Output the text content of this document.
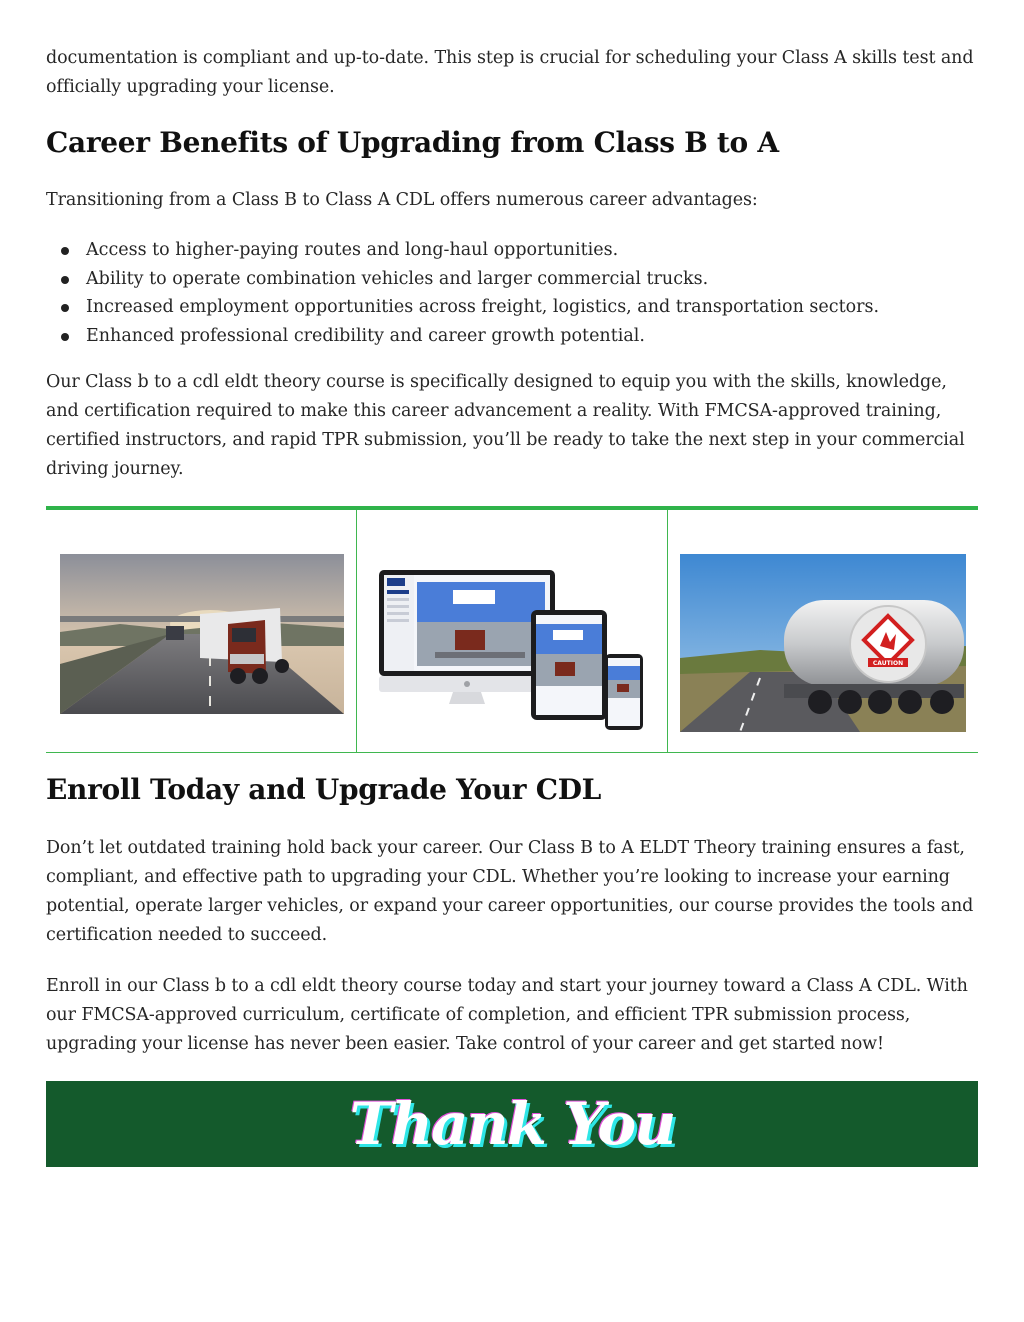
documentation is compliant and up-to-date. This step is crucial for scheduling your Class A skills test and officially upgrading your license.

Career Benefits of Upgrading from Class B to A

Transitioning from a Class B to Class A CDL offers numerous career advantages:

Access to higher-paying routes and long-haul opportunities.
Ability to operate combination vehicles and larger commercial trucks.
Increased employment opportunities across freight, logistics, and transportation sectors.
Enhanced professional credibility and career growth potential.

Our Class b to a cdl eldt theory course is specifically designed to equip you with the skills, knowledge, and certification required to make this career advancement a reality. With FMCSA-approved training, certified instructors, and rapid TPR submission, you’ll be ready to take the next step in your commercial driving journey.

CAUTION
Enroll Today and Upgrade Your CDL

Don’t let outdated training hold back your career. Our Class B to A ELDT Theory training ensures a fast, compliant, and effective path to upgrading your CDL. Whether you’re looking to increase your earning potential, operate larger vehicles, or expand your career opportunities, our course provides the tools and certification needed to succeed.

Enroll in our Class b to a cdl eldt theory course today and start your journey toward a Class A CDL. With our FMCSA-approved curriculum, certificate of completion, and efficient TPR submission process, upgrading your license has never been easier. Take control of your career and get started now!

Thank You
